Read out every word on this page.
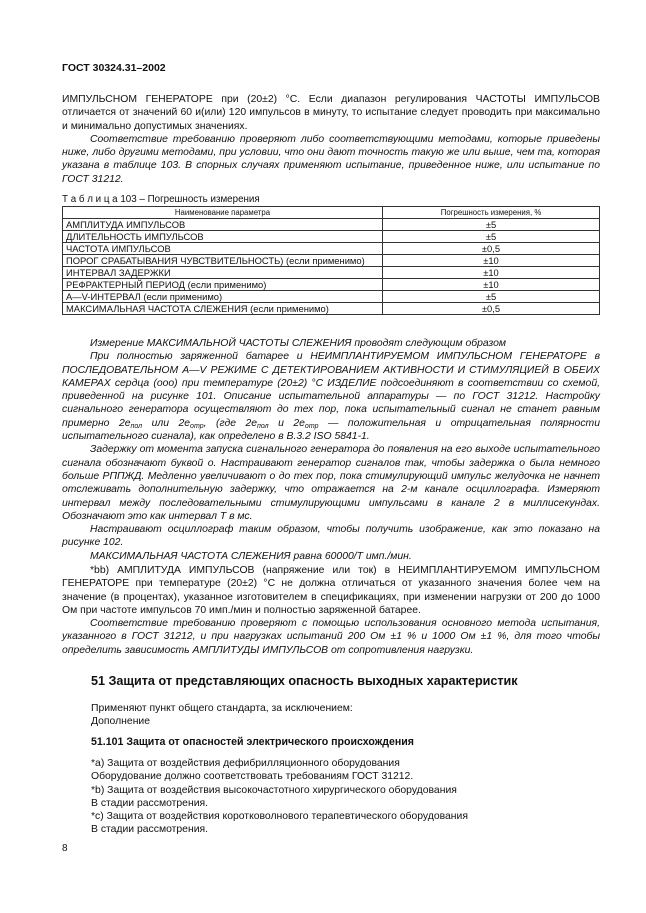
ГОСТ 30324.31–2002

ИМПУЛЬСНОМ ГЕНЕРАТОРЕ при (20±2) °С. Если диапазон регулирования ЧАСТОТЫ ИМПУЛЬСОВ отличается от значений 60 и(или) 120 импульсов в минуту, то испытание следует проводить при максимально и минимально допустимых значениях.

Соответствие требованию проверяют либо соответствующими методами, которые приведены ниже, либо другими методами, при условии, что они дают точность такую же или выше, чем та, которая указана в таблице 103. В спорных случаях применяют испытание, приведенное ниже, или испытание по ГОСТ 31212.

Т а б л и ц а 103 – Погрешность измерения
Наименование параметра	Погрешность измерения, %
АМПЛИТУДА ИМПУЛЬСОВ	±5
ДЛИТЕЛЬНОСТЬ ИМПУЛЬСОВ	±5
ЧАСТОТА ИМПУЛЬСОВ	±0,5
ПОРОГ СРАБАТЫВАНИЯ ЧУВСТВИТЕЛЬНОСТЬ) (если применимо)	±10
ИНТЕРВАЛ ЗАДЕРЖКИ	±10
РЕФРАКТЕРНЫЙ ПЕРИОД (если применимо)	±10
A—V-ИНТЕРВАЛ (если применимо)	±5
МАКСИМАЛЬНАЯ ЧАСТОТА СЛЕЖЕНИЯ (если применимо)	±0,5

Измерение МАКСИМАЛЬНОЙ ЧАСТОТЫ СЛЕЖЕНИЯ проводят следующим образом

При полностью заряженной батарее и НЕИМПЛАНТИРУЕМОМ ИМПУЛЬСНОМ ГЕНЕРАТОРЕ в ПОСЛЕДОВАТЕЛЬНОМ А—V РЕЖИМЕ С ДЕТЕКТИРОВАНИЕМ АКТИВНОСТИ И СТИМУЛЯЦИЕЙ В ОБЕИХ КАМЕРАХ сердца (ооо) при температуре (20±2) °С ИЗДЕЛИЕ подсоединяют в соответствии со схемой, приведенной на рисунке 101. Описание испытательной аппаратуры — по ГОСТ 31212. Настройку сигнального генератора осуществляют до тех пор, пока испытательный сигнал не станет равным примерно $2е_{пол}$ или $2е_{отр}$, (где $2е_{пол}$ и $2е_{отр}$ — положительная и отрицательная полярности испытательного сигнала), как определено в В.3.2 ISO 5841-1.

Задержку от момента запуска сигнального генератора до появления на его выходе испытательного сигнала обозначают буквой о. Настраивают генератор сигналов так, чтобы задержка о была немного больше РППЖД. Медленно увеличивают о до тех пор, пока стимулирующий импульс желудочка не начнет отслеживать дополнительную задержку, что отражается на 2-м канале осциллографа. Измеряют интервал между последовательными стимулирующими импульсами в канале 2 в миллисекундах. Обозначают это как интервал Т в мс.

Настраивают осциллограф таким образом, чтобы получить изображение, как это показано на рисунке 102.

МАКСИМАЛЬНАЯ ЧАСТОТА СЛЕЖЕНИЯ равна 60000/Т имп./мин.

*bb) АМПЛИТУДА ИМПУЛЬСОВ (напряжение или ток) в НЕИМПЛАНТИРУЕМОМ ИМПУЛЬСНОМ ГЕНЕРАТОРЕ при температуре (20±2) °С не должна отличаться от указанного значения более чем на значение (в процентах), указанное изготовителем в спецификациях, при изменении нагрузки от 200 до 1000 Ом при частоте импульсов 70 имп./мин и полностью заряженной батарее.

Соответствие требованию проверяют с помощью использования основного метода испытания, указанного в ГОСТ 31212, и при нагрузках испытаний 200 Ом ±1 % и 1000 Ом ±1 %, для того чтобы определить зависимость АМПЛИТУДЫ ИМПУЛЬСОВ от сопротивления нагрузки.

51 Защита от представляющих опасность выходных характеристик

Применяют пункт общего стандарта, за исключением:

Дополнение

51.101 Защита от опасностей электрического происхождения

*а) Защита от воздействия дефибрилляционного оборудования

Оборудование должно соответствовать требованиям ГОСТ 31212.

*b) Защита от воздействия высокочастотного хирургического оборудования

В стадии рассмотрения.

*с) Защита от воздействия коротковолнового терапевтического оборудования

В стадии рассмотрения.

8
